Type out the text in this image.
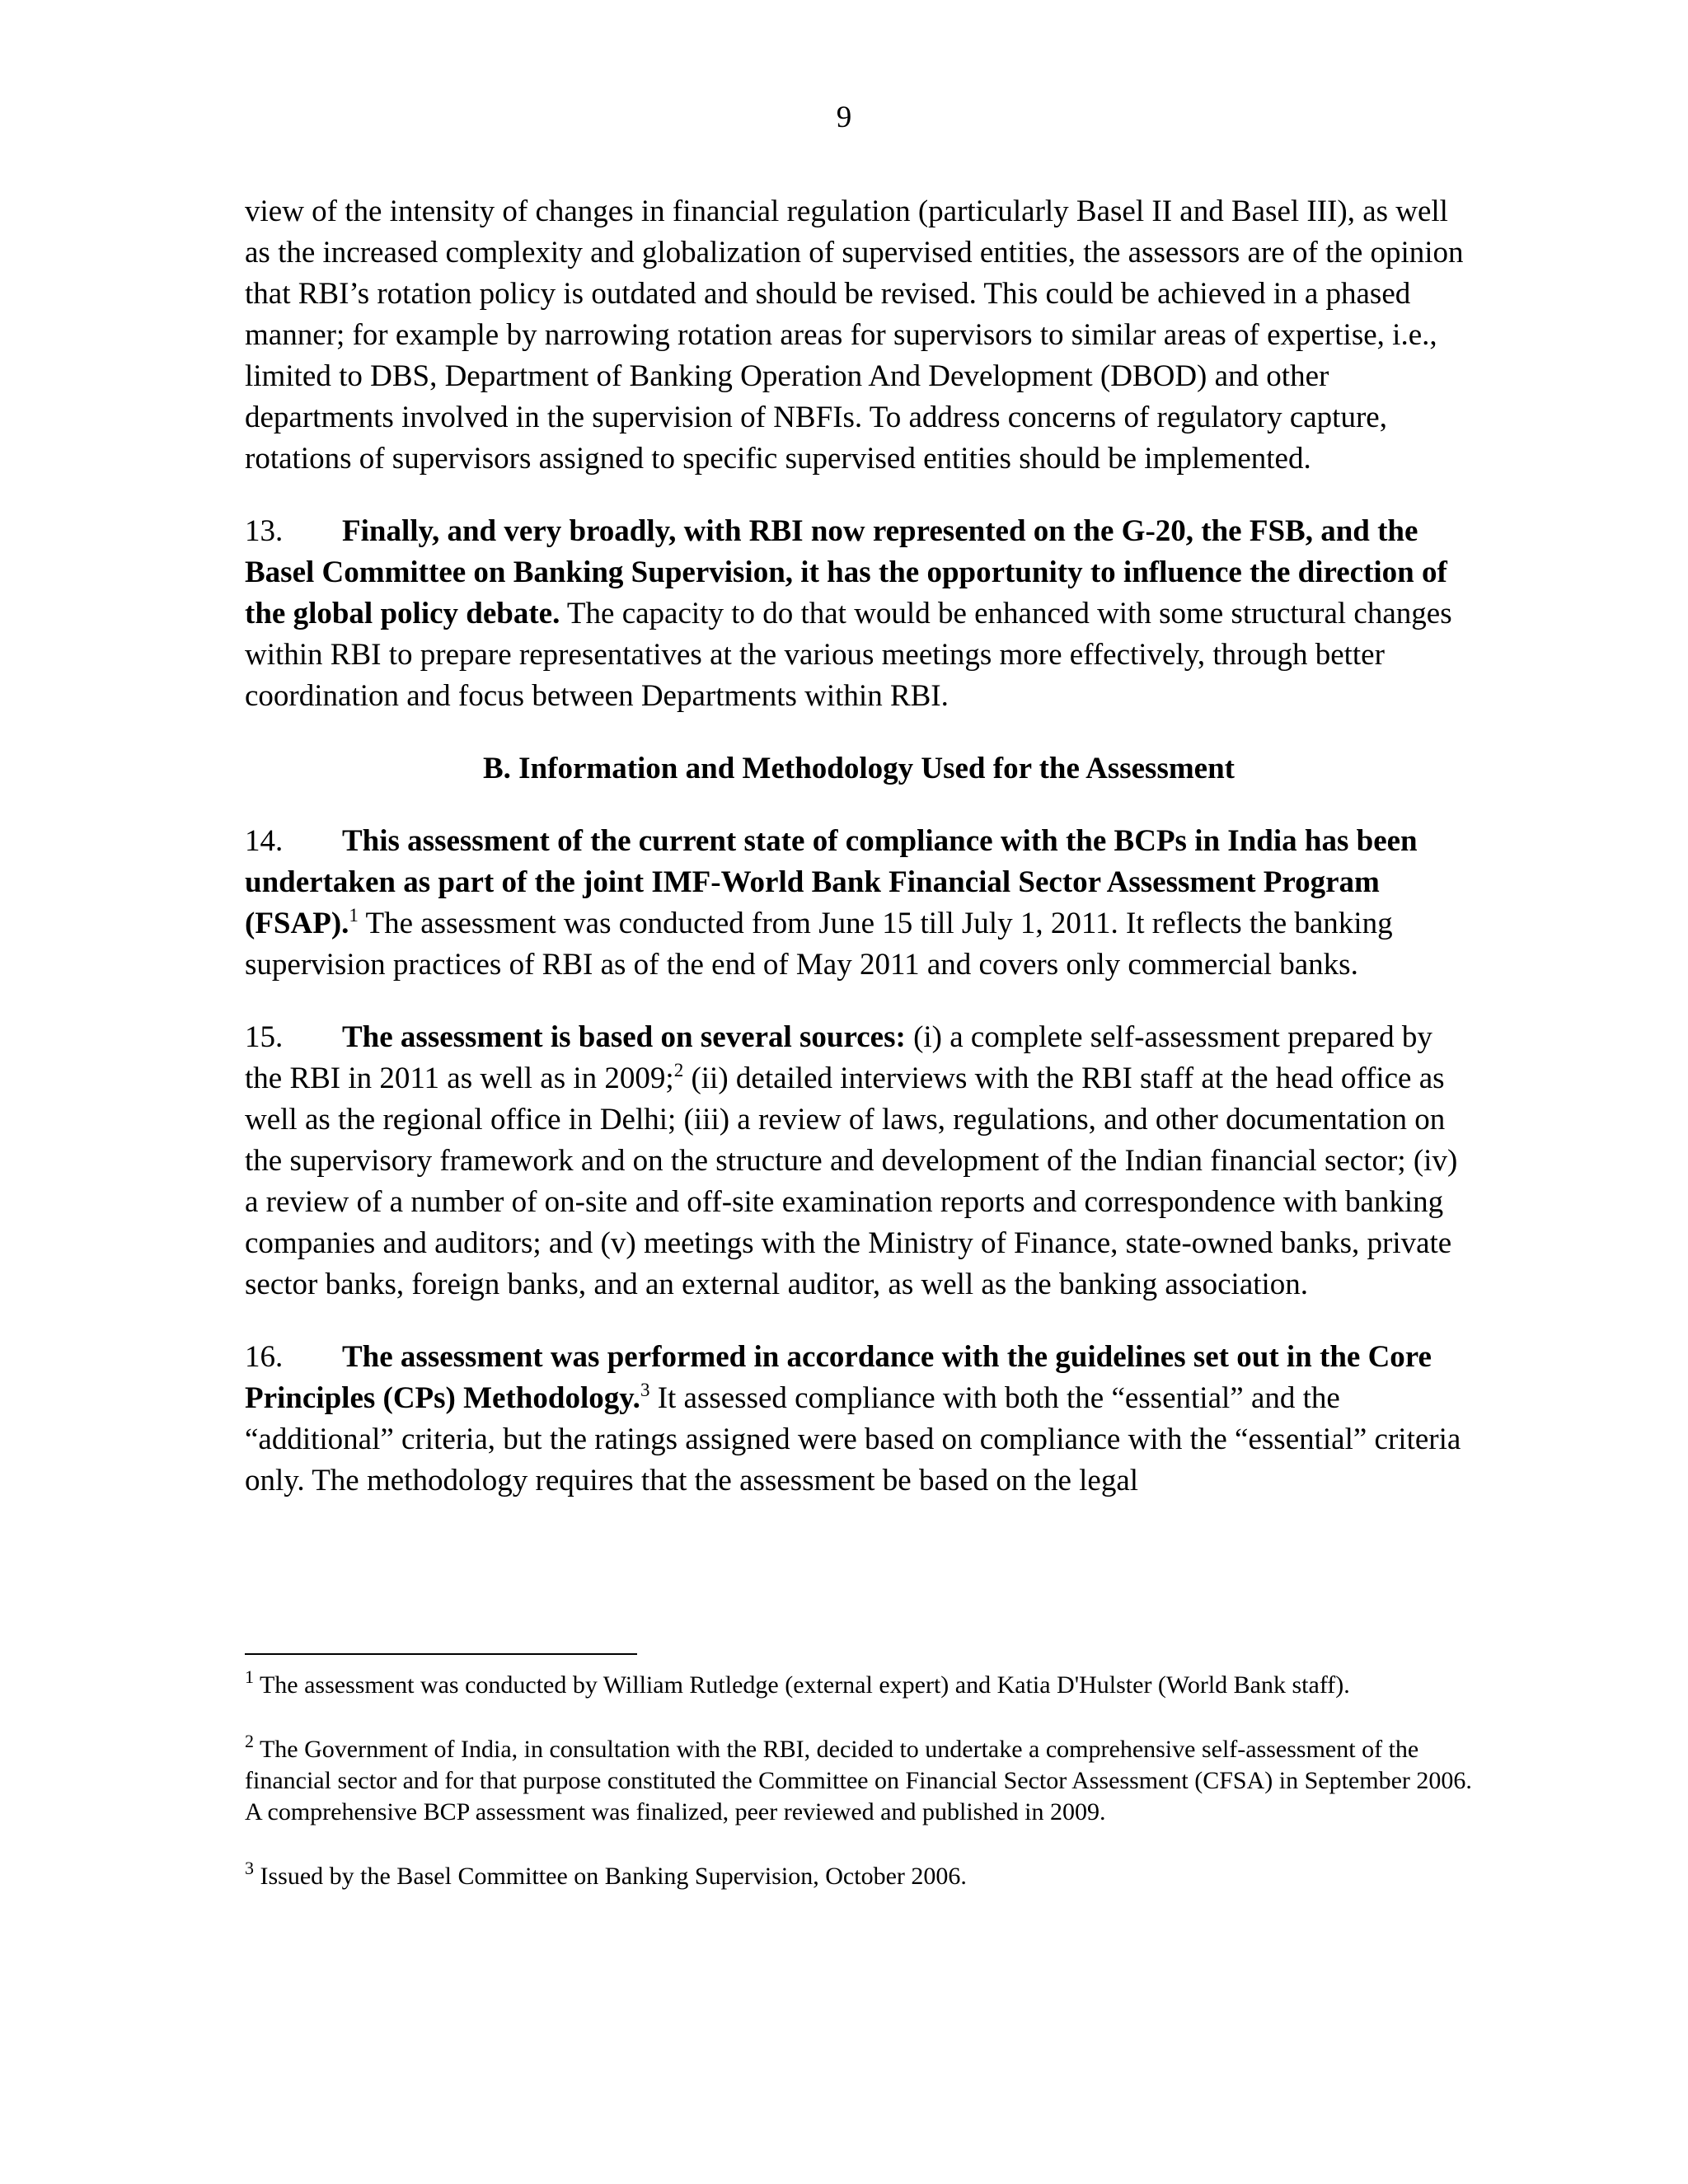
9

view of the intensity of changes in financial regulation (particularly Basel II and Basel III), as well as the increased complexity and globalization of supervised entities, the assessors are of the opinion that RBI’s rotation policy is outdated and should be revised. This could be achieved in a phased manner; for example by narrowing rotation areas for supervisors to similar areas of expertise, i.e., limited to DBS, Department of Banking Operation And Development (DBOD) and other departments involved in the supervision of NBFIs. To address concerns of regulatory capture, rotations of supervisors assigned to specific supervised entities should be implemented.

13. Finally, and very broadly, with RBI now represented on the G-20, the FSB, and the Basel Committee on Banking Supervision, it has the opportunity to influence the direction of the global policy debate. The capacity to do that would be enhanced with some structural changes within RBI to prepare representatives at the various meetings more effectively, through better coordination and focus between Departments within RBI.

B. Information and Methodology Used for the Assessment

14. This assessment of the current state of compliance with the BCPs in India has been undertaken as part of the joint IMF-World Bank Financial Sector Assessment Program (FSAP).$^1$ The assessment was conducted from June 15 till July 1, 2011. It reflects the banking supervision practices of RBI as of the end of May 2011 and covers only commercial banks.

15. The assessment is based on several sources: (i) a complete self-assessment prepared by the RBI in 2011 as well as in 2009;$^2$ (ii) detailed interviews with the RBI staff at the head office as well as the regional office in Delhi; (iii) a review of laws, regulations, and other documentation on the supervisory framework and on the structure and development of the Indian financial sector; (iv) a review of a number of on-site and off-site examination reports and correspondence with banking companies and auditors; and (v) meetings with the Ministry of Finance, state-owned banks, private sector banks, foreign banks, and an external auditor, as well as the banking association.

16. The assessment was performed in accordance with the guidelines set out in the Core Principles (CPs) Methodology.$^3$ It assessed compliance with both the “essential” and the “additional” criteria, but the ratings assigned were based on compliance with the “essential” criteria only. The methodology requires that the assessment be based on the legal

$^1$ The assessment was conducted by William Rutledge (external expert) and Katia D'Hulster (World Bank staff).

$^2$ The Government of India, in consultation with the RBI, decided to undertake a comprehensive self-assessment of the financial sector and for that purpose constituted the Committee on Financial Sector Assessment (CFSA) in September 2006. A comprehensive BCP assessment was finalized, peer reviewed and published in 2009.

$^3$ Issued by the Basel Committee on Banking Supervision, October 2006.
